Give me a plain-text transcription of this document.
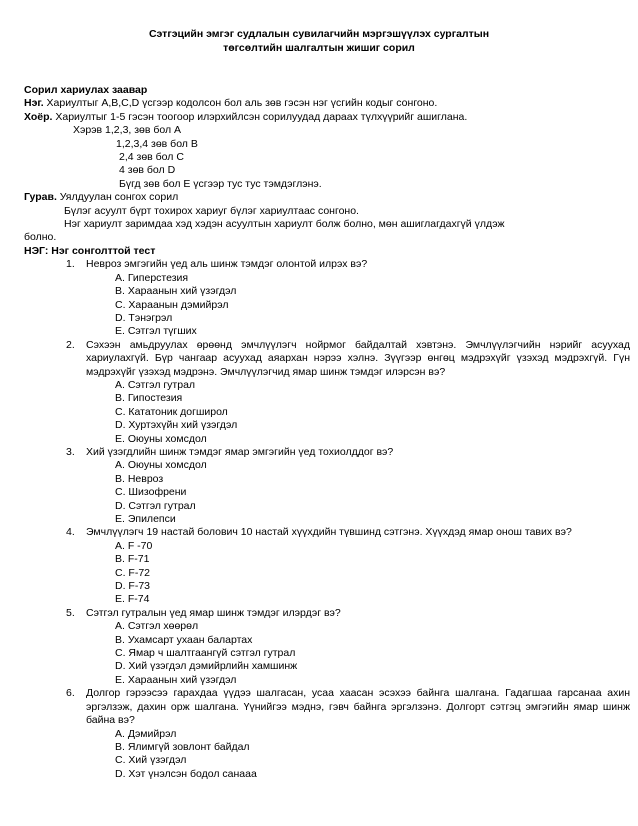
Сэтгэцийн эмгэг судлалын сувилагчийн мэргэшүүлэх сургалтын
төгсөлтийн шалгалтын жишиг сорил
Сорил хариулах заавар
Нэг. Хариултыг A,B,C,D үсгээр кодолсон бол аль зөв гэсэн нэг үсгийн кодыг сонгоно.
Хоёр. Хариултыг 1-5 гэсэн тоогоор илэрхийлсэн сорилуудад дараах түлхүүрийг ашиглана.
Хэрэв 1,2,3, зөв бол A
1,2,3,4 зөв бол B
2,4 зөв бол C
4 зөв бол D
Бүгд зөв бол E үсгээр тус тус тэмдэглэнэ.
Гурав. Уялдуулан сонгох сорил
Бүлэг асуулт бүрт тохирох хариуг бүлэг хариултаас сонгоно.
Нэг хариулт заримдаа хэд хэдэн асуултын хариулт болж болно, мөн ашиглагдахгүй үлдэж
болно.
НЭГ: Нэг сонголттой тест
1. Невроз эмгэгийн үед аль шинж тэмдэг олонтой илрэх вэ?
A. Гиперстезия
B. Хараанын хий үзэгдэл
C. Хараанын дэмийрэл
D. Тэнэгрэл
E. Сэтгэл түгших
2. Сэхээн амьдруулах өрөөнд эмчлүүлэгч нойрмог байдалтай хэвтэнэ. Эмчлүүлэгчийн нэрийг асуухад хариулахгүй. Бүр чангаар асуухад аяархан нэрээ хэлнэ. Зүүгээр өнгөц мэдрэхүйг үзэхэд мэдрэхгүй. Гүн мэдрэхүйг үзэхэд мэдрэнэ. Эмчлүүлэгчид ямар шинж тэмдэг илэрсэн вэ?
A. Сэтгэл гутрал
B. Гипостезия
C. Кататоник догширол
D. Хуртэхүйн хий үзэгдэл
E. Оюуны хомсдол
3. Хий үзэгдлийн шинж тэмдэг ямар эмгэгийн үед тохиолддог вэ?
A. Оюуны хомсдол
B. Невроз
C. Шизофрени
D. Сэтгэл гутрал
E. Эпилепси
4. Эмчлүүлэгч 19 настай болович 10 настай хүүхдийн түвшинд сэтгэнэ. Хүүхдэд ямар онош тавих вэ?
A. F -70
B. F-71
C. F-72
D. F-73
E. F-74
5. Сэтгэл гутралын үед ямар шинж тэмдэг илэрдэг вэ?
A. Сэтгэл хөөрөл
B. Ухамсарт ухаан балартах
C. Ямар ч шалтгаангүй сэтгэл гутрал
D. Хий үзэгдэл дэмийрлийн хамшинж
E. Хараанын хий үзэгдэл
6. Долгор гэрээсээ гарахдаа үүдээ шалгасан, усаа хаасан эсэхээ байнга шалгана. Гадагшаа гарсанаа ахин эргэлзэж, дахин орж шалгана. Үүнийгээ мэднэ, гэвч байнга эргэлзэнэ. Долгорт сэтгэц эмгэгийн ямар шинж байна вэ?
A. Дэмийрэл
B. Ялимгүй зовлонт байдал
C. Хий үзэгдэл
D. Хэт үнэлсэн бодол санааа
